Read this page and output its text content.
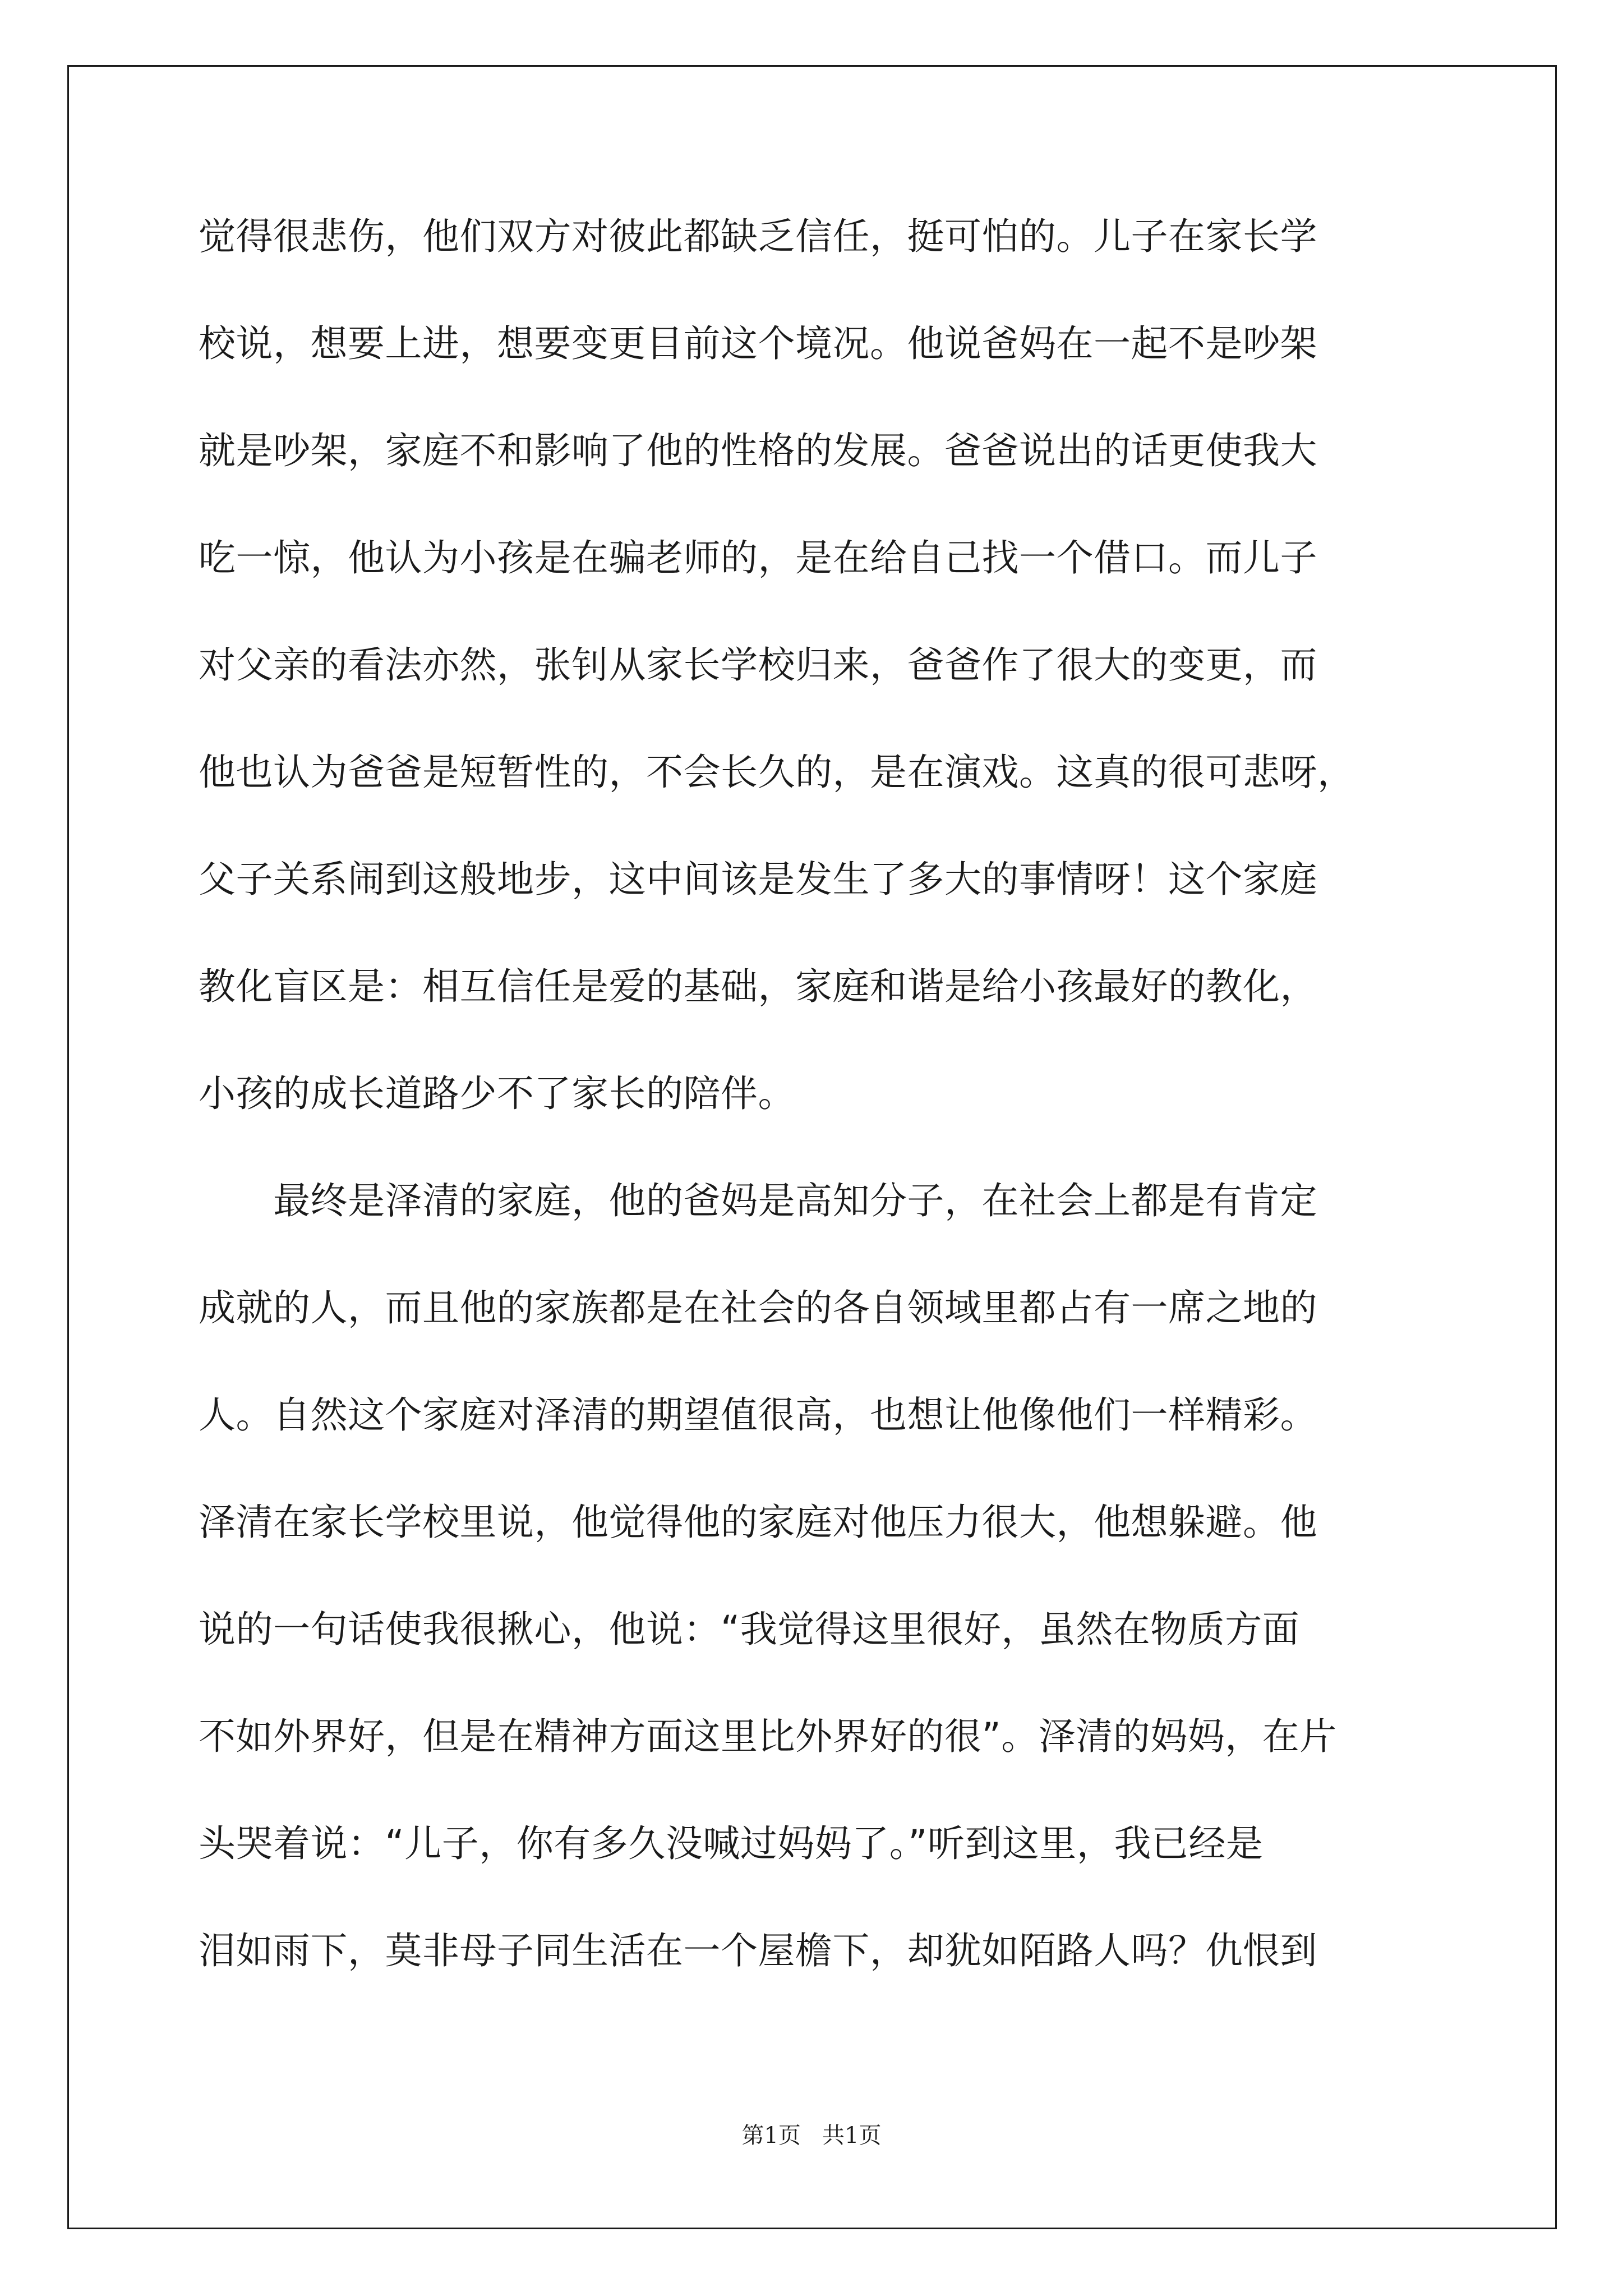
觉得很悲伤，他们双方对彼此都缺乏信任，挺可怕的。儿子在家长学
校说，想要上进，想要变更目前这个境况。他说爸妈在一起不是吵架
就是吵架，家庭不和影响了他的性格的发展。爸爸说出的话更使我大
吃一惊，他认为小孩是在骗老师的，是在给自己找一个借口。而儿子
对父亲的看法亦然，张钊从家长学校归来，爸爸作了很大的变更，而
他也认为爸爸是短暂性的，不会长久的，是在演戏。这真的很可悲呀，
父子关系闹到这般地步，这中间该是发生了多大的事情呀！这个家庭
教化盲区是：相互信任是爱的基础，家庭和谐是给小孩最好的教化，
小孩的成长道路少不了家长的陪伴。
　　最终是泽清的家庭，他的爸妈是高知分子，在社会上都是有肯定
成就的人，而且他的家族都是在社会的各自领域里都占有一席之地的
人。自然这个家庭对泽清的期望值很高，也想让他像他们一样精彩。
泽清在家长学校里说，他觉得他的家庭对他压力很大，他想躲避。他
说的一句话使我很揪心，他说：“我觉得这里很好，虽然在物质方面
不如外界好，但是在精神方面这里比外界好的很”。泽清的妈妈，在片
头哭着说：“儿子，你有多久没喊过妈妈了。”听到这里，我已经是
泪如雨下，莫非母子同生活在一个屋檐下，却犹如陌路人吗？仇恨到
第1页   共1页
